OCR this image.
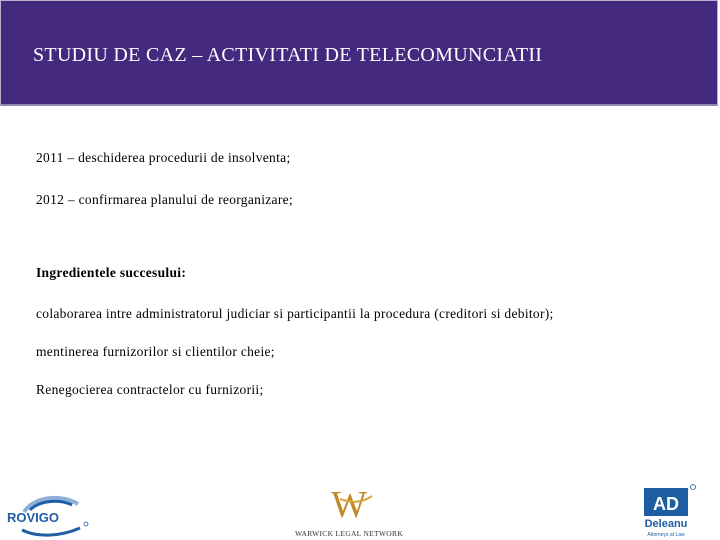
STUDIU DE CAZ – ACTIVITATI DE TELECOMUNCIATII

2011 – deschiderea procedurii de insolventa;

2012 – confirmarea planului de reorganizare;

Ingredientele succesului:

colaborarea intre administratorul judiciar si participantii la procedura (creditori si debitor);

mentinerea furnizorilor si clientilor cheie;

Renegocierea contractelor cu furnizorii;

ROVIGO	W
WARWICK LEGAL NETWORK
AD
Deleanu
Attorneys at Law
